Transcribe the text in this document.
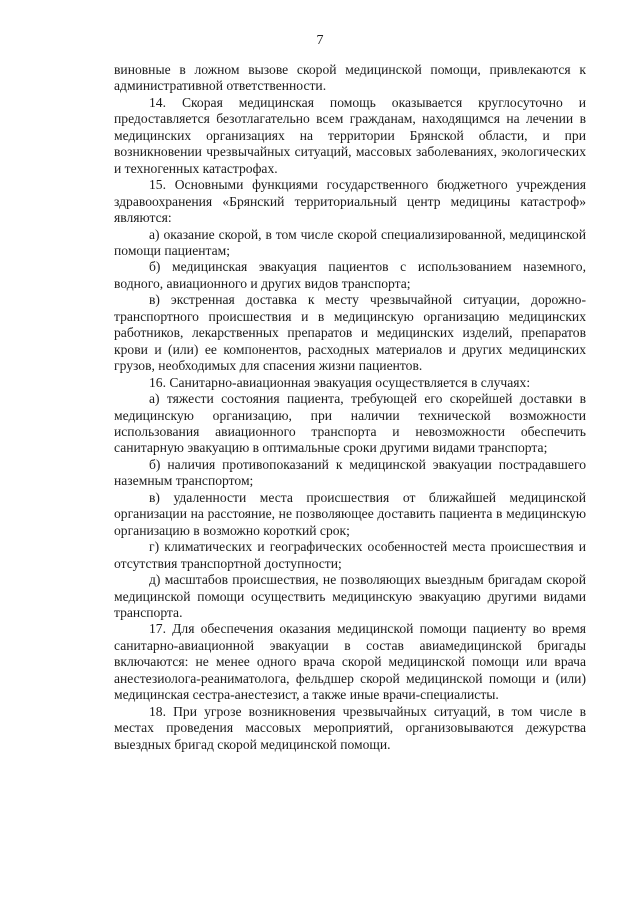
7

виновные в ложном вызове скорой медицинской помощи, привлекаются к административной ответственности.

14. Скорая медицинская помощь оказывается круглосуточно и предоставляется безотлагательно всем гражданам, находящимся на лечении в медицинских организациях на территории Брянской области, и при возникновении чрезвычайных ситуаций, массовых заболеваниях, экологических и техногенных катастрофах.

15. Основными функциями государственного бюджетного учреждения здравоохранения «Брянский территориальный центр медицины катастроф» являются:

а) оказание скорой, в том числе скорой специализированной, медицинской помощи пациентам;

б) медицинская эвакуация пациентов с использованием наземного, водного, авиационного и других видов транспорта;

в) экстренная доставка к месту чрезвычайной ситуации, дорожно-транспортного происшествия и в медицинскую организацию медицинских работников, лекарственных препаратов и медицинских изделий, препаратов крови и (или) ее компонентов, расходных материалов и других медицинских грузов, необходимых для спасения жизни пациентов.

16. Санитарно-авиационная эвакуация осуществляется в случаях:

а) тяжести состояния пациента, требующей его скорейшей доставки в медицинскую организацию, при наличии технической возможности использования авиационного транспорта и невозможности обеспечить санитарную эвакуацию в оптимальные сроки другими видами транспорта;

б) наличия противопоказаний к медицинской эвакуации пострадавшего наземным транспортом;

в) удаленности места происшествия от ближайшей медицинской организации на расстояние, не позволяющее доставить пациента в медицинскую организацию в возможно короткий срок;

г) климатических и географических особенностей места происшествия и отсутствия транспортной доступности;

д) масштабов происшествия, не позволяющих выездным бригадам скорой медицинской помощи осуществить медицинскую эвакуацию другими видами транспорта.

17. Для обеспечения оказания медицинской помощи пациенту во время санитарно-авиационной эвакуации в состав авиамедицинской бригады включаются: не менее одного врача скорой медицинской помощи или врача анестезиолога-реаниматолога, фельдшер скорой медицинской помощи и (или) медицинская сестра-анестезист, а также иные врачи-специалисты.

18. При угрозе возникновения чрезвычайных ситуаций, в том числе в местах проведения массовых мероприятий, организовываются дежурства выездных бригад скорой медицинской помощи.
